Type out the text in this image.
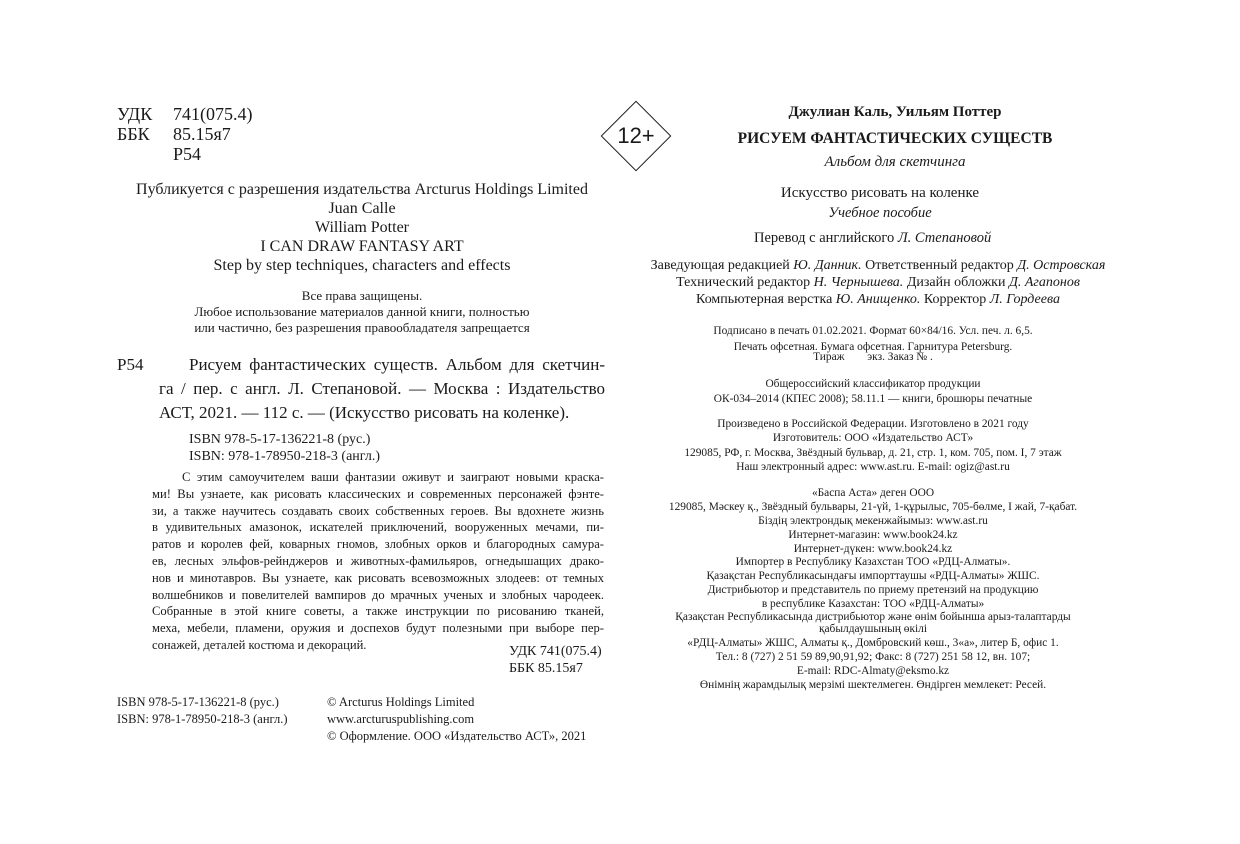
УДК 741(075.4)
ББК 85.15я7
Р54
Публикуется с разрешения издательства Arcturus Holdings Limited
Juan Calle
William Potter
I CAN DRAW FANTASY ART
Step by step techniques, characters and effects
Все права защищены.
Любое использование материалов данной книги, полностью
или частично, без разрешения правообладателя запрещается
Р54	Рисуем фантастических существ. Альбом для скетчин-
га / пер. с англ. Л. Степановой. — Москва : Издательство
АСТ, 2021. — 112 с. — (Искусство рисовать на коленке).
ISBN 978-5-17-136221-8 (рус.)
ISBN: 978-1-78950-218-3 (англ.)
С этим самоучителем ваши фантазии оживут и заиграют новыми краска-
ми! Вы узнаете, как рисовать классических и современных персонажей фэнте-
зи, а также научитесь создавать своих собственных героев. Вы вдохнете жизнь
в удивительных амазонок, искателей приключений, вооруженных мечами, пи-
ратов и королев фей, коварных гномов, злобных орков и благородных самура-
ев, лесных эльфов-рейнджеров и животных-фамильяров, огнедышащих драко-
нов и минотавров. Вы узнаете, как рисовать всевозможных злодеев: от темных
волшебников и повелителей вампиров до мрачных ученых и злобных чародеек.
Собранные в этой книге советы, а также инструкции по рисованию тканей,
меха, мебели, пламени, оружия и доспехов будут полезными при выборе пер-
сонажей, деталей костюма и декораций.	УДК 741(075.4)
ББК 85.15я7
ISBN 978-5-17-136221-8 (рус.)
ISBN: 978-1-78950-218-3 (англ.)
© Arcturus Holdings Limited
www.arcturuspublishing.com
© Оформление. ООО «Издательство АСТ», 2021
12+
Джулиан Каль, Уильям Поттер
РИСУЕМ ФАНТАСТИЧЕСКИХ СУЩЕСТВ
Альбом для скетчинга
Искусство рисовать на коленке
Учебное пособие
Перевод с английского Л. Степановой
Заведующая редакцией Ю. Данник. Ответственный редактор Д. Островская
Технический редактор Н. Чернышева. Дизайн обложки Д. Агапонов
Компьютерная верстка Ю. Анищенко. Корректор Л. Гордеева
Подписано в печать 01.02.2021. Формат 60×84/16. Усл. печ. л. 6,5.
Печать офсетная. Бумага офсетная. Гарнитура Petersburg.
Тираж        экз. Заказ № .
Общероссийский классификатор продукции
ОК-034–2014 (КПЕС 2008); 58.11.1 — книги, брошюры печатные
Произведено в Российской Федерации. Изготовлено в 2021 году
Изготовитель: ООО «Издательство АСТ»
129085, РФ, г. Москва, Звёздный бульвар, д. 21, стр. 1, ком. 705, пом. I, 7 этаж
Наш электронный адрес: www.ast.ru. E-mail: ogiz@ast.ru
«Баспа Аста» деген ООО
129085, Мәскеу қ., Звёздный бульвары, 21-үй, 1-құрылыс, 705-бөлме, I жай, 7-қабат.
Біздің электрондық мекенжайымыз: www.ast.ru
Интернет-магазин: www.book24.kz
Интернет-дүкен: www.book24.kz
Импортер в Республику Казахстан ТОО «РДЦ-Алматы».
Қазақстан Республикасындағы импорттаушы «РДЦ-Алматы» ЖШС.
Дистрибьютор и представитель по приему претензий на продукцию
в республике Казахстан: ТОО «РДЦ-Алматы»
Қазақстан Республикасында дистрибьютор және өнім бойынша арыз-талаптарды
қабылдаушының өкілі
«РДЦ-Алматы» ЖШС, Алматы қ., Домбровский көш., 3«а», литер Б, офис 1.
Тел.: 8 (727) 2 51 59 89,90,91,92; Факс: 8 (727) 251 58 12, вн. 107;
E-mail: RDC-Almaty@eksmo.kz
Өнімнің жарамдылық мерзімі шектелмеген. Өндірген мемлекет: Ресей.
